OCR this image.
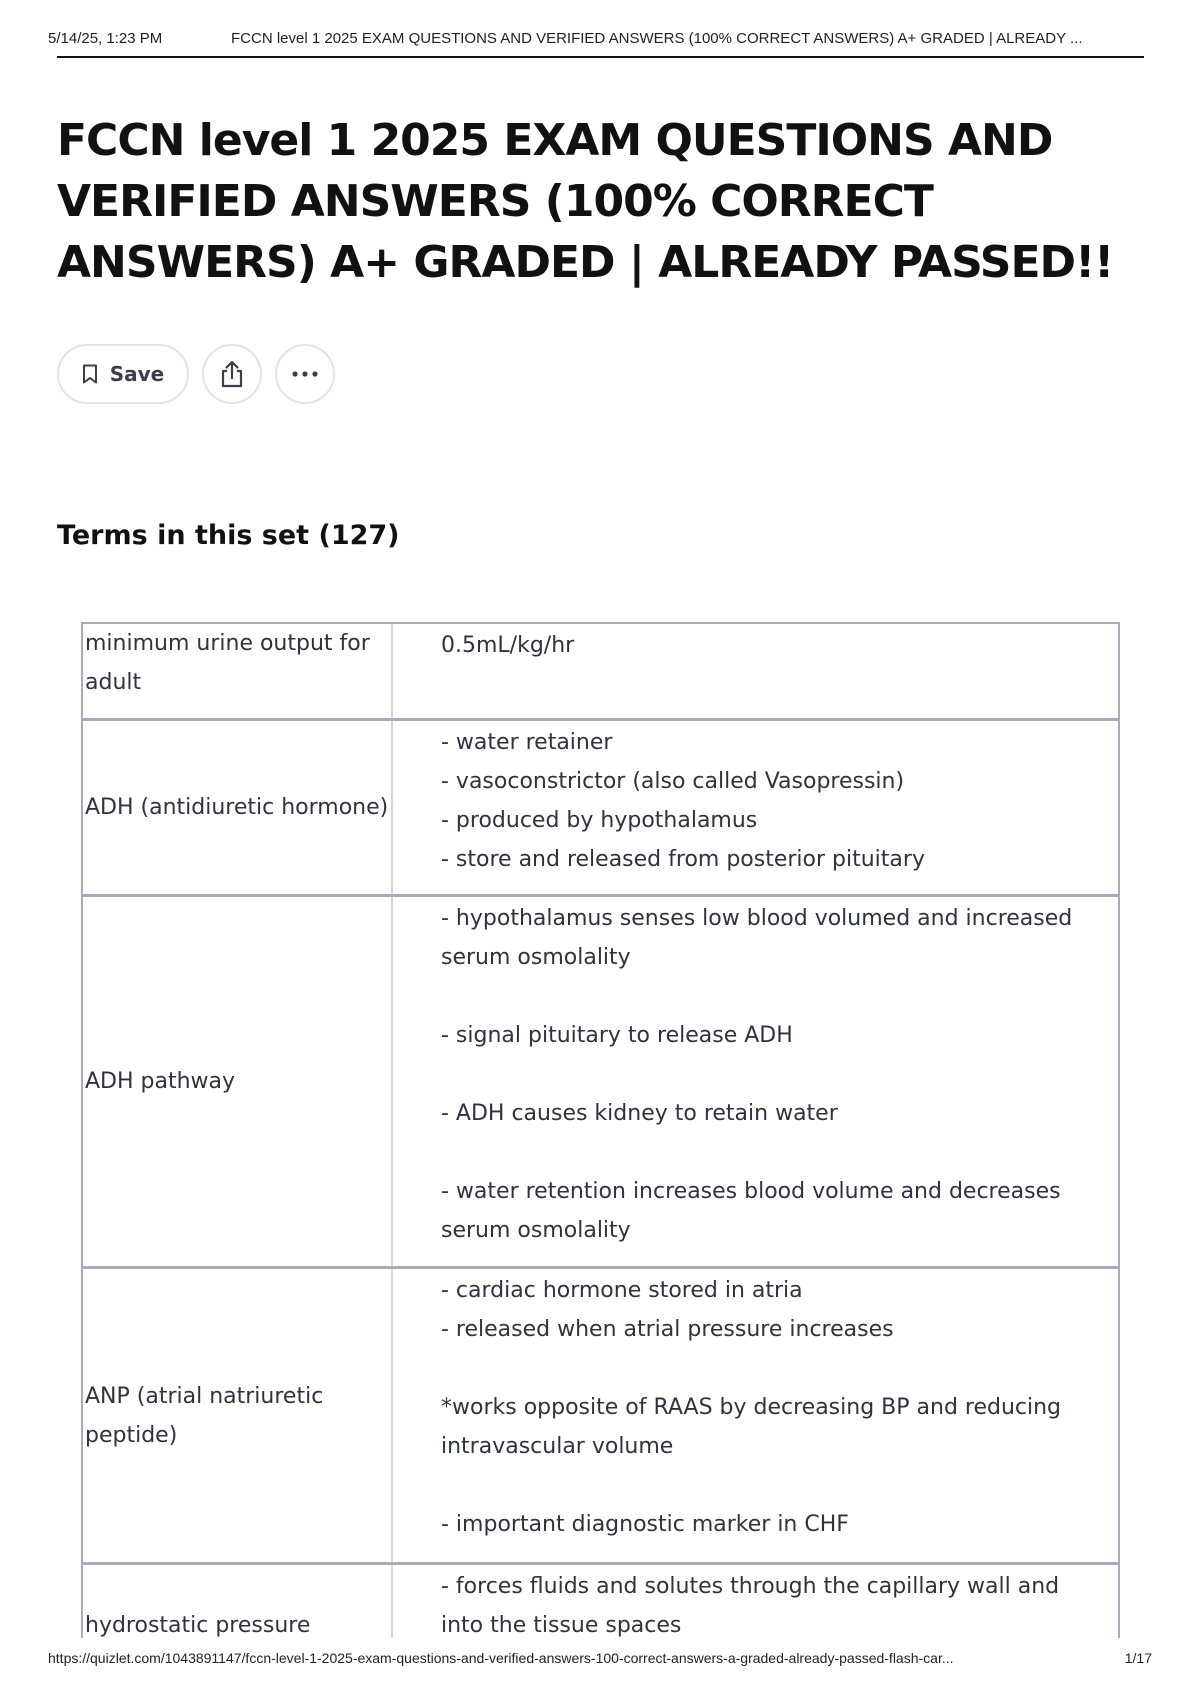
5/14/25, 1:23 PM	FCCN level 1 2025 EXAM QUESTIONS AND VERIFIED ANSWERS (100% CORRECT ANSWERS) A+ GRADED | ALREADY ...
FCCN level 1 2025 EXAM QUESTIONS AND VERIFIED ANSWERS (100% CORRECT ANSWERS) A+ GRADED | ALREADY PASSED!!
Save
Terms in this set (127)
minimum urine output for adult
0.5mL/kg/hr
ADH (antidiuretic hormone)
- water retainer
- vasoconstrictor (also called Vasopressin)
- produced by hypothalamus
- store and released from posterior pituitary
ADH pathway
- hypothalamus senses low blood volumed and increased serum osmolality
- signal pituitary to release ADH
- ADH causes kidney to retain water
- water retention increases blood volume and decreases serum osmolality
ANP (atrial natriuretic peptide)
- cardiac hormone stored in atria
- released when atrial pressure increases
*works opposite of RAAS by decreasing BP and reducing intravascular volume
- important diagnostic marker in CHF
hydrostatic pressure
- forces fluids and solutes through the capillary wall and into the tissue spaces
https://quizlet.com/1043891147/fccn-level-1-2025-exam-questions-and-verified-answers-100-correct-answers-a-graded-already-passed-flash-car...	1/17
